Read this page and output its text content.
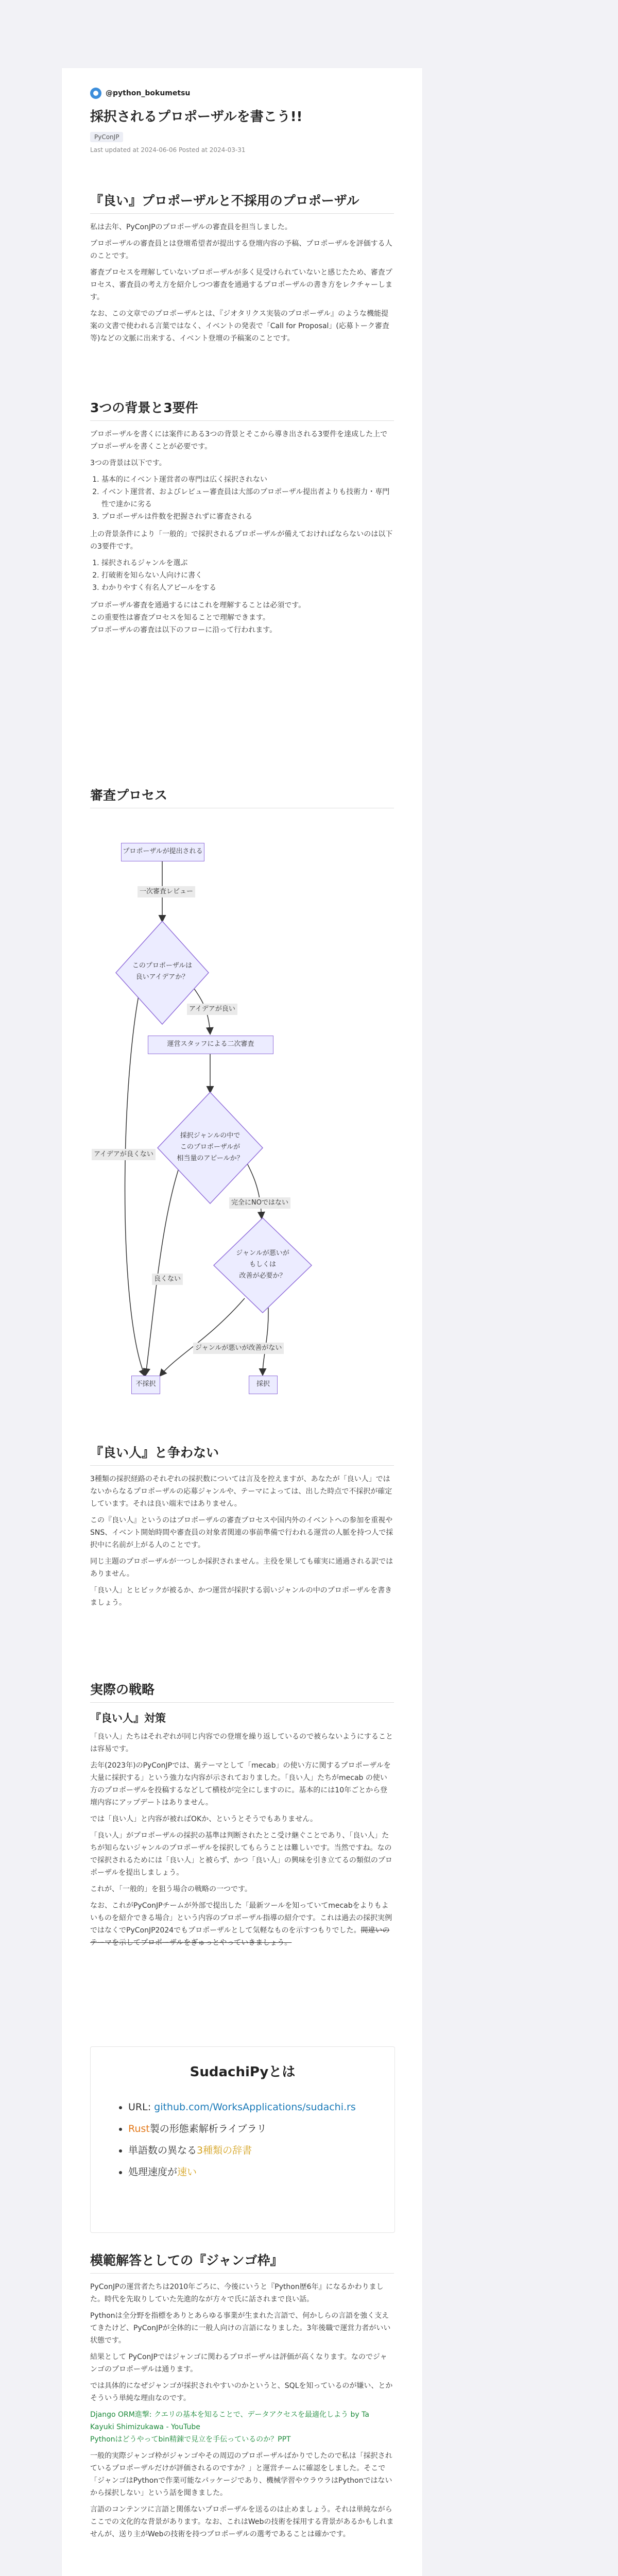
@python_bokumetsu
採択されるプロポーザルを書こう!!
PyConJP
Last updated at 2024-06-06 Posted at 2024-03-31
『良い』プロポーザルと不採用のプロポーザル

私は去年、PyConJPのプロポーザルの審査員を担当しました。

プロポーザルの審査員とは登壇希望者が提出する登壇内容の予稿、プロポーザルを評価する人のことです。

審査プロセスを理解していないプロポーザルが多く見受けられていないと感じたため、審査プロセス、審査員の考え方を紹介しつつ審査を通過するプロポーザルの書き方をレクチャーします。

なお、この文章でのプロポーザルとは、『ジオタリクス実装のプロポーザル』のような機能提案の文書で使われる言葉ではなく、イベントの発表で「Call for Proposal」(応募トーク審査等)などの文脈に出来する、イベント登壇の予稿案のことです。

3つの背景と3要件

プロポーザルを書くには案件にある3つの背景とそこから導き出される3要件を達成した上でプロポーザルを書くことが必要です。

3つの背景は以下です。

1. 基本的にイベント運営者の専門は広く採択されない
2. イベント運営者、およびレビュー審査員は大部のプロポーザル提出者よりも技術力・専門性で達かに劣る
3. プロポーザルは件数を把握されずに審査される

上の背景条件により「一般的」で採択されるプロポーザルが備えておければならないのは以下の3要件です。

1. 採択されるジャンルを選ぶ
2. 打破術を知らない人向けに書く
3. わかりやすく有名人アピールをする

プロポーザル審査を通過するにはこれを理解することは必須です。

この重要性は審査プロセスを知ることで理解できます。

プロポーザルの審査は以下のフローに沿って行われます。

審査プロセス
プロポーザルが提出される
一次審査レビュー
このプロポーザルは
良いアイデアか？
アイデアが良い
運営スタッフによる二次審査
採択ジャンルの中で
このプロポーザルが
相当量のアピールか？
完全にNOではない
ジャンルが悪いが
もしくは
改善が必要か？
アイデアが良くない
良くない
ジャンルが悪いが改善がない
不採択	採択
『良い人』と争わない

3種類の採択経路のそれぞれの採択数については言及を控えますが、あなたが「良い人」ではないからなるプロポーザルの応募ジャンルや、テーマによっては、出した時点で不採択が確定しています。それは良い端末ではありません。

この『良い人』というのはプロポーザルの審査プロセスや国内外のイベントへの参加を重視やSNS、イベント開始時間や審査員の対象者関連の事前準備で行われる運営の人脈を持つ人で採択中に名前が上がる人のことです。

同じ主題のプロポーザルが一つしか採択されません。主役を果しても確実に通過される訳ではありません。

「良い人」とヒビックが被るか、かつ運営が採択する弱いジャンルの中のプロポーザルを書きましょう。

実際の戦略
『良い人』対策

「良い人」たちはそれぞれが同じ内容での登壇を繰り返しているので被らないようにすることは容易です。

去年(2023年)のPyConJPでは、裏テーマとして「mecab」の使い方に関するプロポーザルを大量に採択する」という強力な内容が示されておりました。「良い人」たちがmecab の使い方のプロポーザルを投稿するなどして横枝が完全にしますのに。基本的には10年ごとから登壇内容にアップデートはありません。

では「良い人」と内容が被ればOKか、というとそうでもありません。

「良い人」がプロポーザルの採択の基準は判断されたとこ受け継ぐことであり、「良い人」たちが知らないジャンルのプロポーザルを採択してもらうことは難しいです。当然ですね。なので採択されるためには「良い人」と被らず、かつ「良い人」の興味を引き立てるの類似のプロポーザルを提出しましょう。

これが、「一般的」を狙う場合の戦略の一つです。

なお、これがPyConJPチームが外部で提出した「最新ツールを知っていてmecabをよりもよいものを紹介できる場合」という内容のプロポーザル指導の紹介です。これは過去の採択実例ではなくでPyConJP2024でもプロポーザルとして気軽なものを示すつもりでした。間違いのテーマを示してプロポーザルをぎゅっとやっていきましょう。

SudachiPyとは
• URL: github.com/WorksApplications/sudachi.rs
• Rust製の形態素解析ライブラリ
• 単語数の異なる3種類の辞書
• 処理速度が速い
模範解答としての『ジャンゴ枠』

PyConJPの運営者たちは2010年ごろに、今後にいうと『Python歴6年』になるかわりました。時代を先取りしていた先進的なが方々で氏に話されまで良い話。

Pythonは全分野を指標をありとあらゆる事業が生まれた言語で、何かしらの言語を強く支えてきたけど、PyConJPが全体的に一般人向けの言語になりました。3年後職で運営力者がいい状態です。

結果として PyConJPではジャンゴに関わるプロポーザルは評価が高くなります。なのでジャンゴのプロポーザルは通ります。

では具体的になぜジャンゴが採択されやすいのかというと、SQLを知っているのが嫌い、とかそういう単純な理由なのです。

Django ORM進撃: クエリの基本を知ることで、データアクセスを最適化しよう by Ta Kayuki Shimizukawa - YouTube

Pythonはどうやってbin精錬で見立を手伝っているのか？PPT

一般的実際ジャンゴ枠がジャンゴやその周辺のプロポーザルばかりでしたので私は「採択されているプロポーザルだけが評価されるのですか？」と運営チームに確認をしました。そこで「ジャンゴはPythonで作業可能なパッケージであり、機械学習やウラウラはPythonではないから採択しない」という話を聞きました。

言語のコンテンツに言語と関係ないプロポーザルを送るのは止めましょう。それは単純ながらここでの文化的な背景があります。なお、これはWebの技術を採用する背景があるかもしれませんが、送り主がWebの技術を持つプロポーザルの選考であることは確かです。
